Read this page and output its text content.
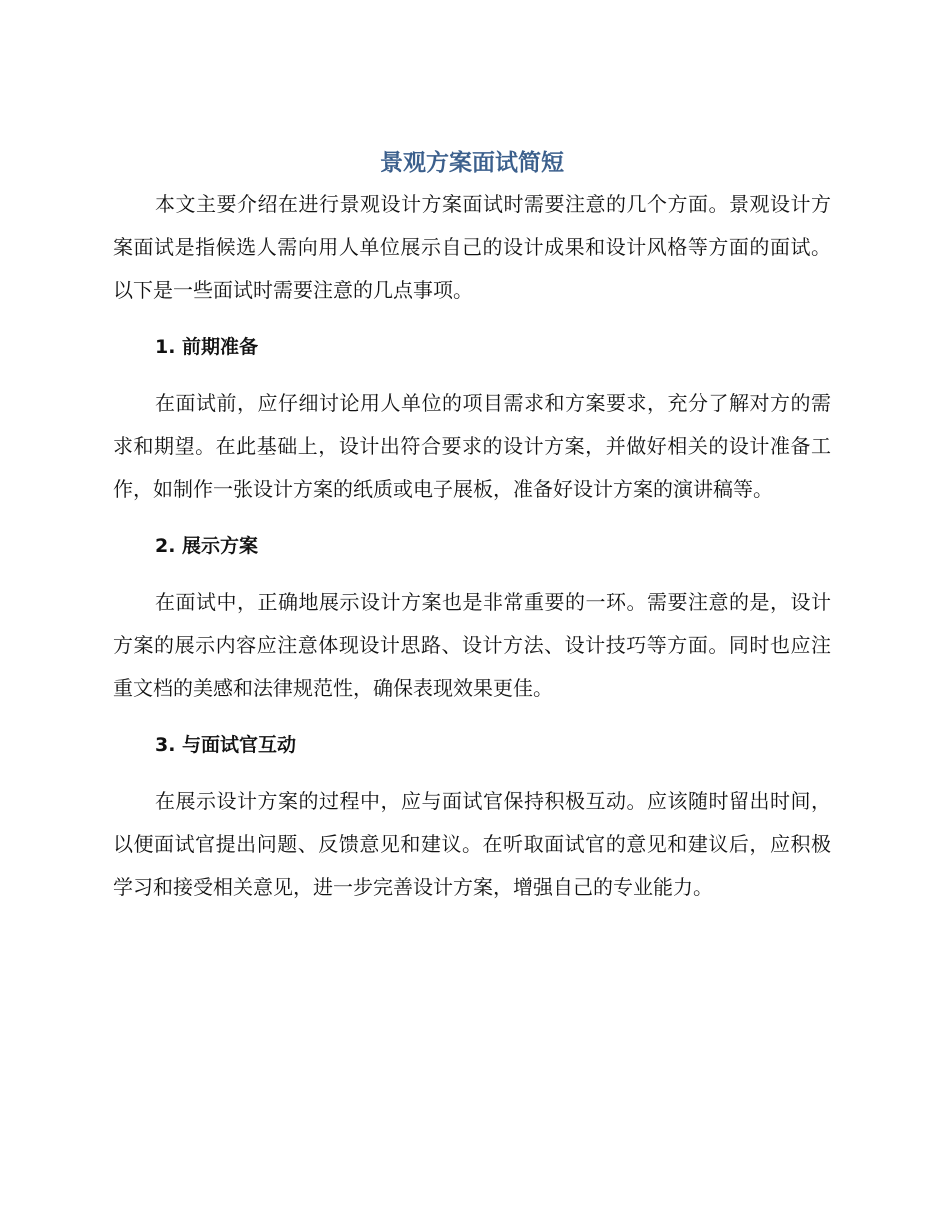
景观方案面试简短

本文主要介绍在进行景观设计方案面试时需要注意的几个方面。景观设计方案面试是指候选人需向用人单位展示自己的设计成果和设计风格等方面的面试。以下是一些面试时需要注意的几点事项。

1. 前期准备

在面试前，应仔细讨论用人单位的项目需求和方案要求，充分了解对方的需求和期望。在此基础上，设计出符合要求的设计方案，并做好相关的设计准备工作，如制作一张设计方案的纸质或电子展板，准备好设计方案的演讲稿等。

2. 展示方案

在面试中，正确地展示设计方案也是非常重要的一环。需要注意的是，设计方案的展示内容应注意体现设计思路、设计方法、设计技巧等方面。同时也应注重文档的美感和法律规范性，确保表现效果更佳。

3. 与面试官互动

在展示设计方案的过程中，应与面试官保持积极互动。应该随时留出时间，以便面试官提出问题、反馈意见和建议。在听取面试官的意见和建议后，应积极学习和接受相关意见，进一步完善设计方案，增强自己的专业能力。
